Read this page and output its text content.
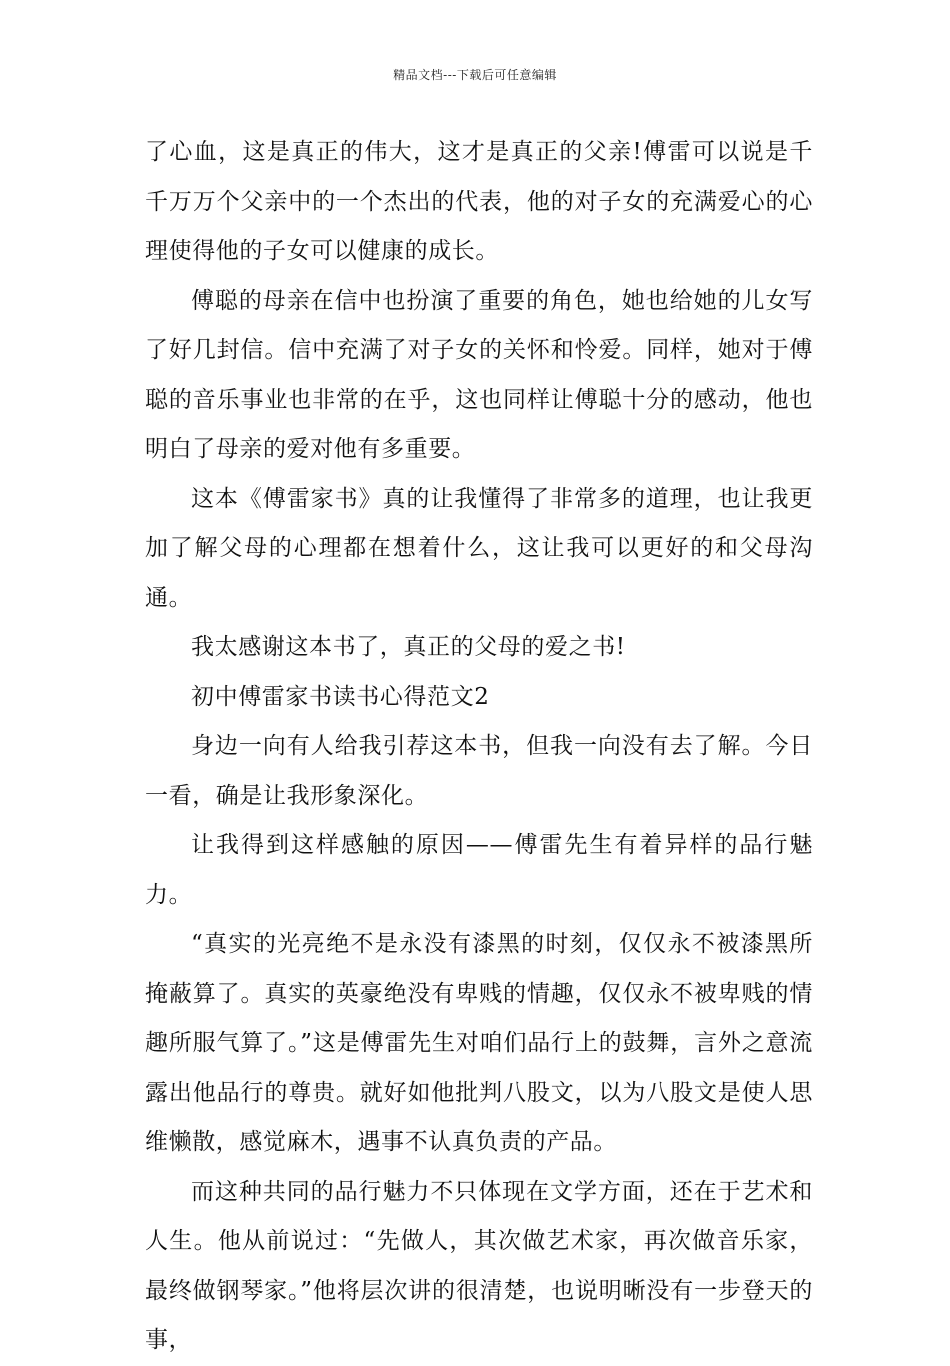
精品文档---下载后可任意编辑

了心血，这是真正的伟大，这才是真正的父亲!傅雷可以说是千千万万个父亲中的一个杰出的代表，他的对子女的充满爱心的心理使得他的子女可以健康的成长。

傅聪的母亲在信中也扮演了重要的角色，她也给她的儿女写了好几封信。信中充满了对子女的关怀和怜爱。同样，她对于傅聪的音乐事业也非常的在乎，这也同样让傅聪十分的感动，他也明白了母亲的爱对他有多重要。

这本《傅雷家书》真的让我懂得了非常多的道理，也让我更加了解父母的心理都在想着什么，这让我可以更好的和父母沟通。

我太感谢这本书了，真正的父母的爱之书!

初中傅雷家书读书心得范文2

身边一向有人给我引荐这本书，但我一向没有去了解。今日一看，确是让我形象深化。

让我得到这样感触的原因——傅雷先生有着异样的品行魅力。

“真实的光亮绝不是永没有漆黑的时刻，仅仅永不被漆黑所掩蔽算了。真实的英豪绝没有卑贱的情趣，仅仅永不被卑贱的情趣所服气算了。”这是傅雷先生对咱们品行上的鼓舞，言外之意流露出他品行的尊贵。就好如他批判八股文，以为八股文是使人思维懒散，感觉麻木，遇事不认真负责的产品。

而这种共同的品行魅力不只体现在文学方面，还在于艺术和人生。他从前说过：“先做人，其次做艺术家，再次做音乐家，最终做钢琴家。”他将层次讲的很清楚，也说明晰没有一步登天的事，
